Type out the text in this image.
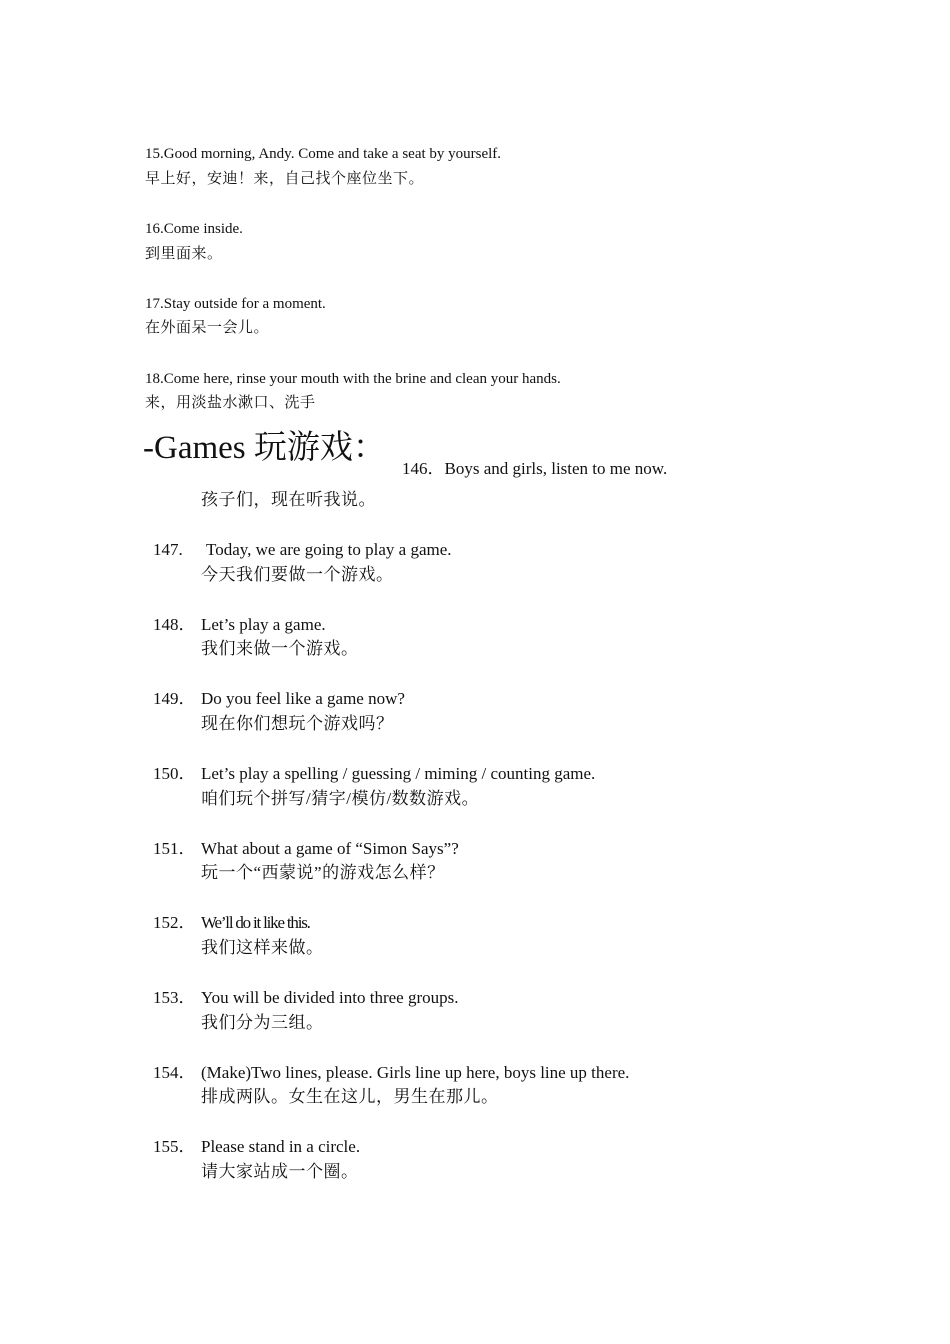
15.Good morning, Andy. Come and take a seat by yourself.
早上好，安迪！来，自己找个座位坐下。
16.Come inside.
到里面来。
17.Stay outside for a moment.
在外面呆一会儿。
18.Come here, rinse your mouth with the brine and clean your hands.
来，用淡盐水漱口、洗手
-Games 玩游戏：
146．Boys and girls, listen to me now.
孩子们，现在听我说。
147. Today, we are going to play a game.
今天我们要做一个游戏。
148． Let’s play a game.
我们来做一个游戏。
149． Do you feel like a game now?
现在你们想玩个游戏吗？
150． Let’s play a spelling / guessing / miming / counting game.
咱们玩个拼写/猜字/模仿/数数游戏。
151． What about a game of “Simon Says”?
玩一个“西蒙说”的游戏怎么样？
152． We’ll do it like this.
我们这样来做。
153． You will be divided into three groups.
我们分为三组。
154． (Make)Two lines, please. Girls line up here, boys line up there.
排成两队。女生在这儿，男生在那儿。
155． Please stand in a circle.
请大家站成一个圈。
